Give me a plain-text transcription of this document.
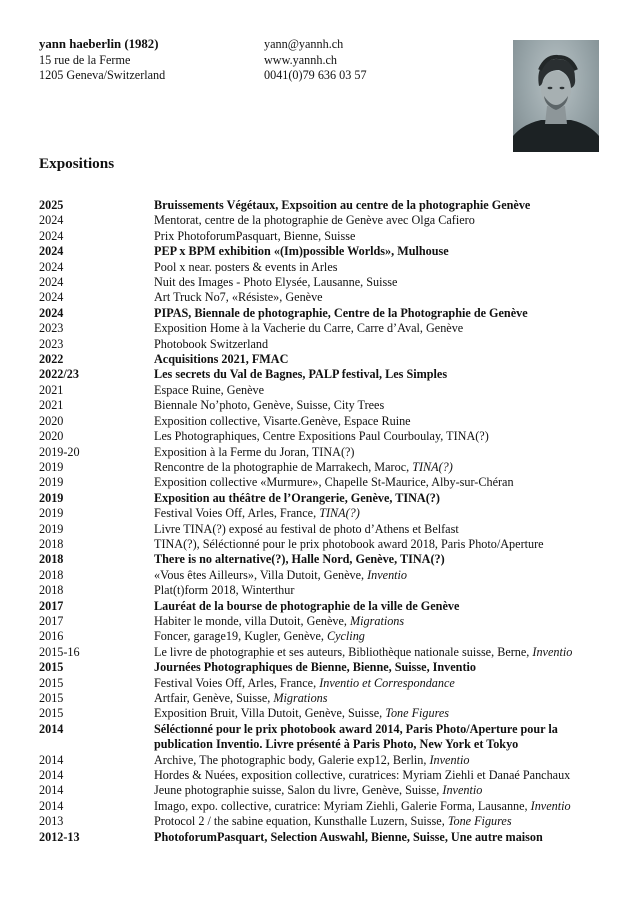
yann haeberlin (1982)
15 rue de la Ferme
1205 Geneva/Switzerland
yann@yannh.ch
www.yannh.ch
0041(0)79 636 03 57
Expositions
2025	Bruissements Végétaux, Expsoition au centre de la photographie Genève
2024	Mentorat, centre de la photographie de Genève avec Olga Cafiero
2024	Prix PhotoforumPasquart, Bienne, Suisse
2024	PEP x BPM exhibition «(Im)possible Worlds», Mulhouse
2024	Pool x near. posters & events in Arles
2024	Nuit des Images - Photo Elysée, Lausanne, Suisse
2024	Art Truck No7, «Résiste», Genève
2024	PIPAS, Biennale de photographie, Centre de la Photographie de Genève
2023	Exposition Home à la Vacherie du Carre, Carre d’Aval, Genève
2023	Photobook Switzerland
2022	Acquisitions 2021, FMAC
2022/23	Les secrets du Val de Bagnes, PALP festival, Les Simples
2021	Espace Ruine, Genève
2021	Biennale No’photo, Genève, Suisse, City Trees
2020	Exposition collective, Visarte.Genève, Espace Ruine
2020	Les Photographiques, Centre Expositions Paul Courboulay, TINA(?)
2019-20	Exposition à la Ferme du Joran, TINA(?)
2019	Rencontre de la photographie de Marrakech, Maroc, TINA(?)
2019	Exposition collective «Murmure», Chapelle St-Maurice, Alby-sur-Chéran
2019	Exposition au théâtre de l’Orangerie, Genève, TINA(?)
2019	Festival Voies Off, Arles, France, TINA(?)
2019	Livre TINA(?) exposé au festival de photo d’Athens et Belfast
2018	TINA(?), Séléctionné pour le prix photobook award 2018, Paris Photo/Aperture
2018	There is no alternative(?), Halle Nord, Genève, TINA(?)
2018	«Vous êtes Ailleurs», Villa Dutoit, Genève, Inventio
2018	Plat(t)form 2018, Winterthur
2017	Lauréat de la bourse de photographie de la ville de Genève
2017	Habiter le monde, villa Dutoit, Genève, Migrations
2016	Foncer, garage19, Kugler, Genève, Cycling
2015-16	Le livre de photographie et ses auteurs, Bibliothèque nationale suisse, Berne, Inventio
2015	Journées Photographiques de Bienne, Bienne, Suisse, Inventio
2015	Festival Voies Off, Arles, France, Inventio et Correspondance
2015	Artfair, Genève, Suisse, Migrations
2015	Exposition Bruit, Villa Dutoit, Genève, Suisse, Tone Figures
2014	Séléctionné pour le prix photobook award 2014, Paris Photo/Aperture pour la publication Inventio. Livre présenté à Paris Photo, New York et Tokyo
2014	Archive, The photographic body, Galerie exp12, Berlin, Inventio
2014	Hordes & Nuées, exposition collective, curatrices: Myriam Ziehli et Danaé Panchaux
2014	Jeune photographie suisse, Salon du livre, Genève, Suisse, Inventio
2014	Imago, expo. collective, curatrice: Myriam Ziehli, Galerie Forma, Lausanne, Inventio
2013	Protocol 2 / the sabine equation, Kunsthalle Luzern, Suisse, Tone Figures
2012-13	PhotoforumPasquart, Selection Auswahl, Bienne, Suisse, Une autre maison
